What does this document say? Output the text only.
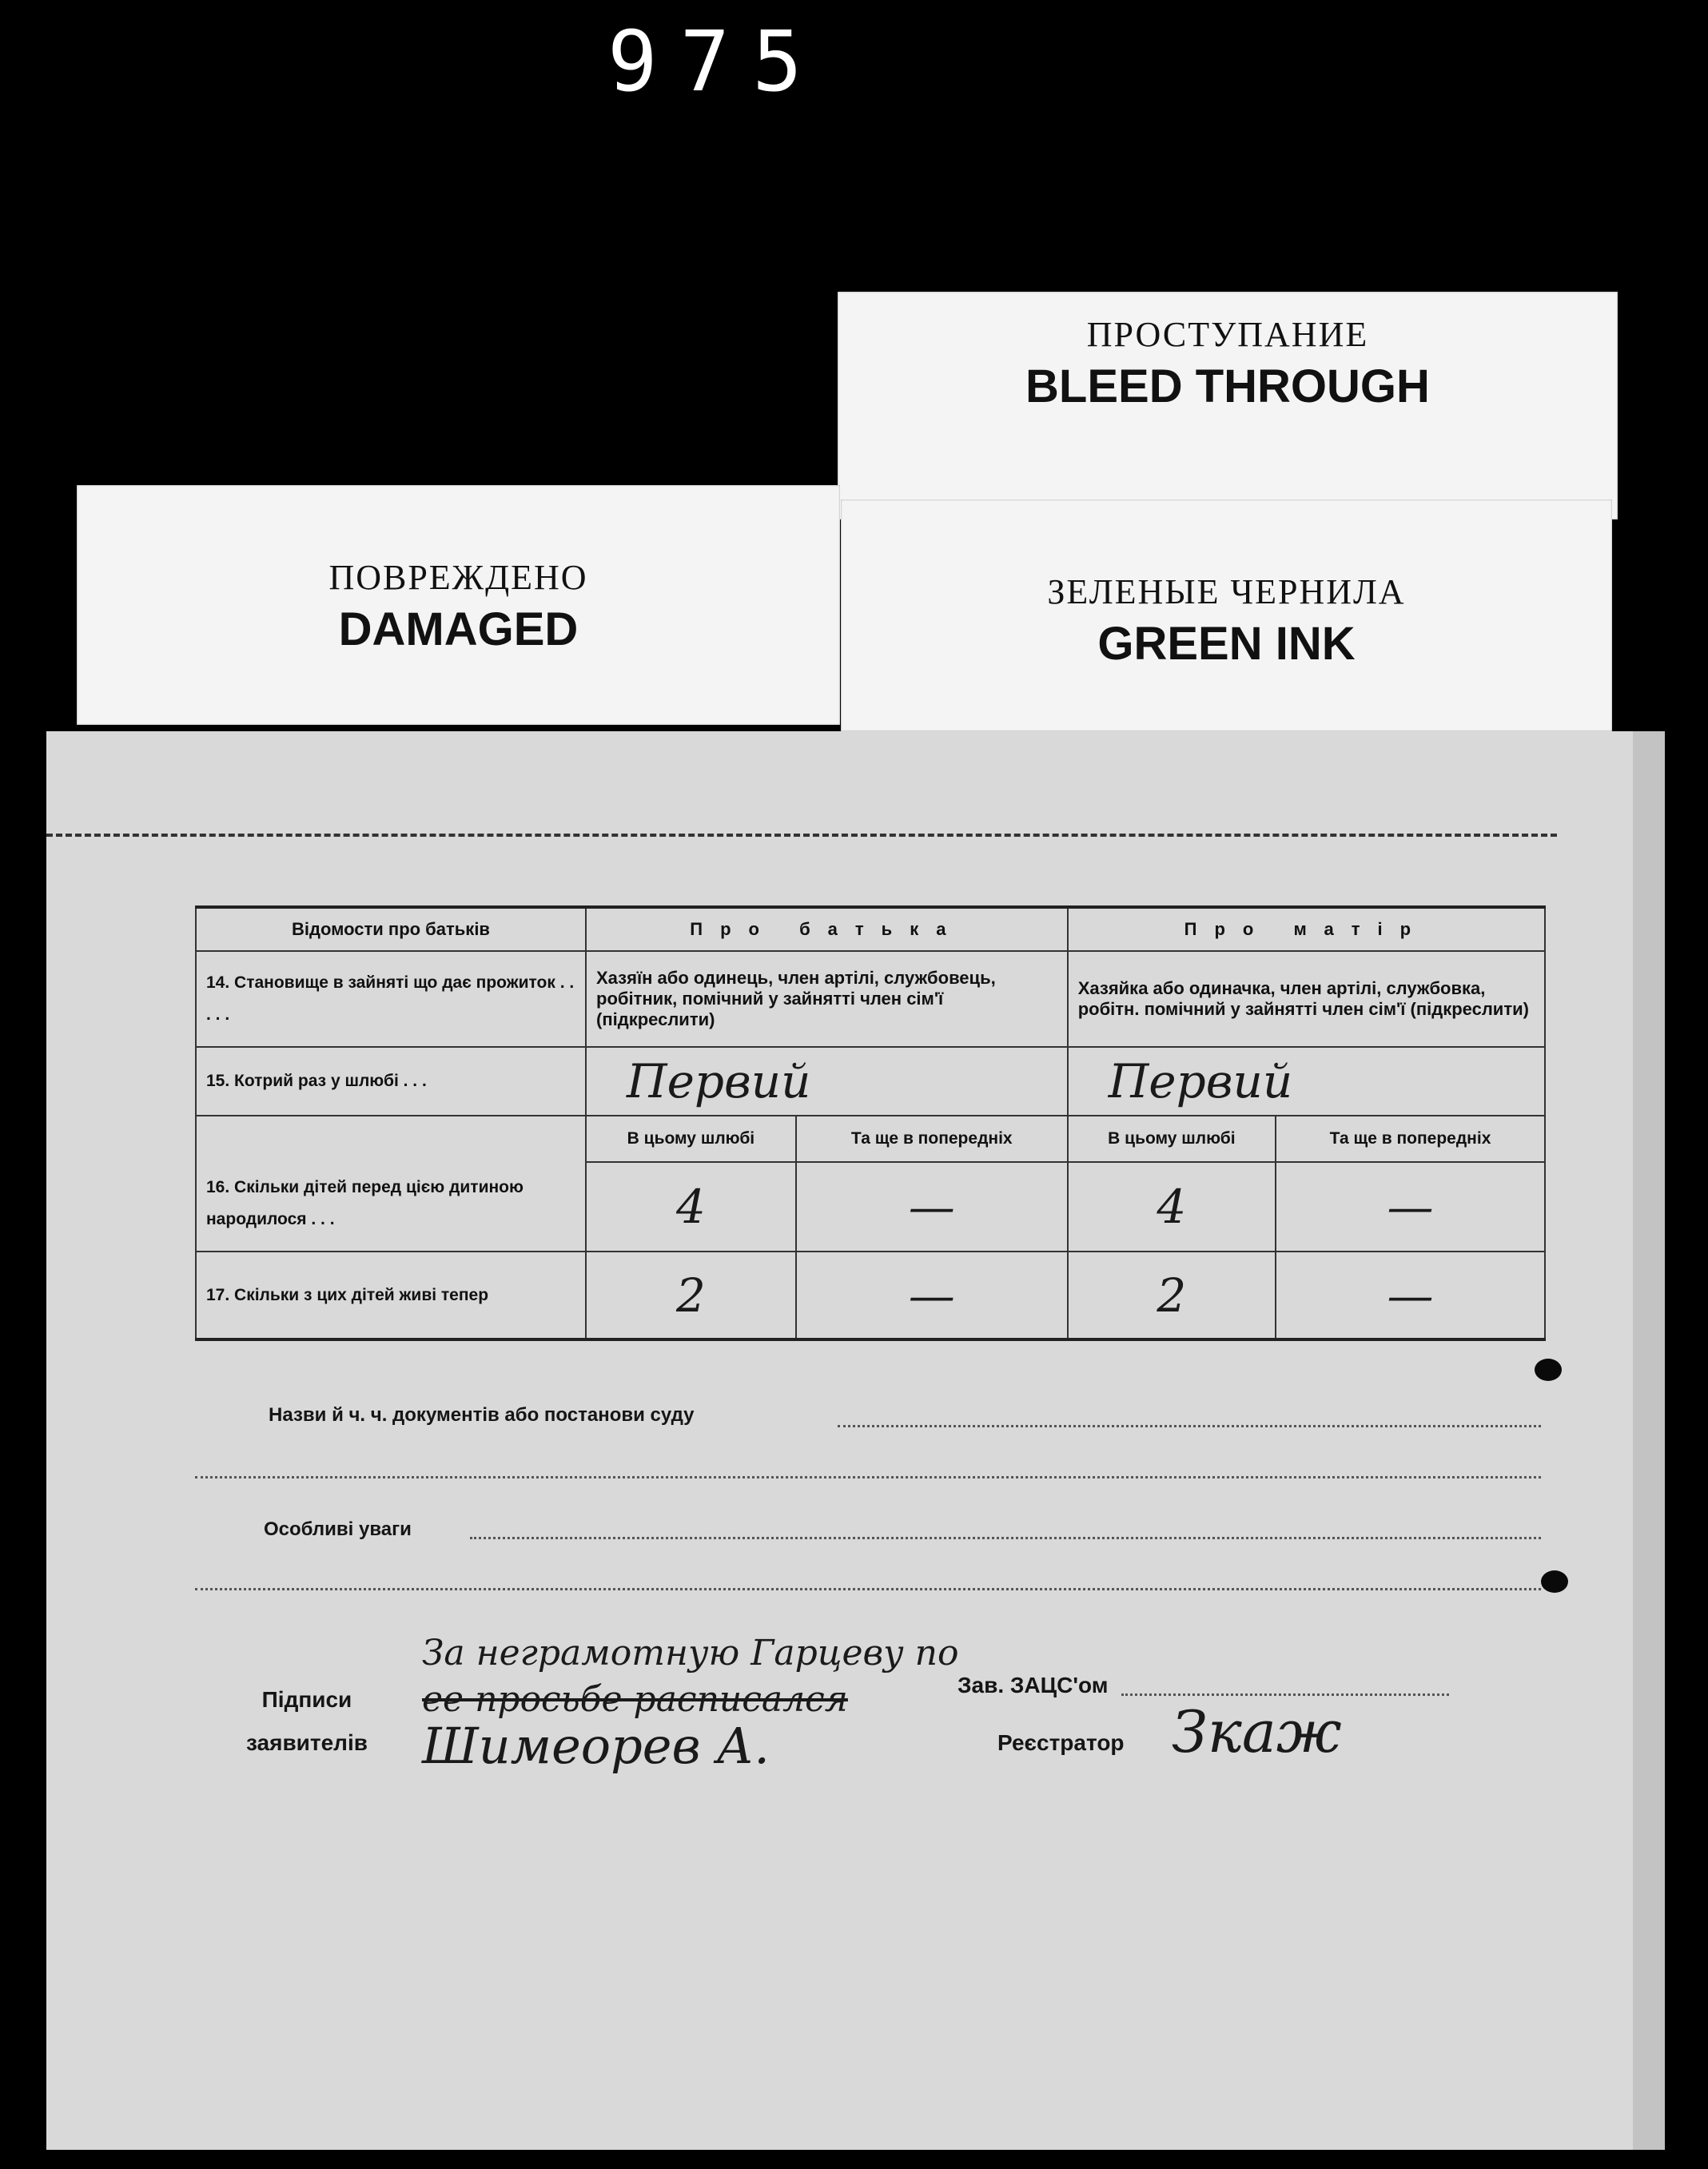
975
ПРОСТУПАНИЕ
BLEED THROUGH
ПОВРЕЖДЕНО
DAMAGED
ЗЕЛЕНЫЕ ЧЕРНИЛА
GREEN INK
Відомости про батьків	Про батька		Про матір	
14. Становище в зайняті що дає прожиток . . . . .	Хазяїн або одинець, член артілі, службовець, робітник, помічний у зайнятті член сім'ї (підкреслити)		Хазяйка або одиначка, член артілі, службовка, робітн. помічний у зайнятті член сім'ї (підкреслити)	
15. Котрий раз у шлюбі . . .	Первий		Первий	
16. Скільки дітей перед цією дитиною народилося . . .	В цьому шлюбі	Та ще в попередніх	В цьому шлюбі	Та ще в попередніх
	4	—	4	—
17. Скільки з цих дітей живі тепер	2	—	2	—
Назви й ч. ч. документів або постанови суду
Особливі уваги
Підписи
заявителів
За неграмотную Гарцеву по
ее просьбе расписался
Шимеорев А.
Зав. ЗАЦС'ом
Реєстратор Зкаж
